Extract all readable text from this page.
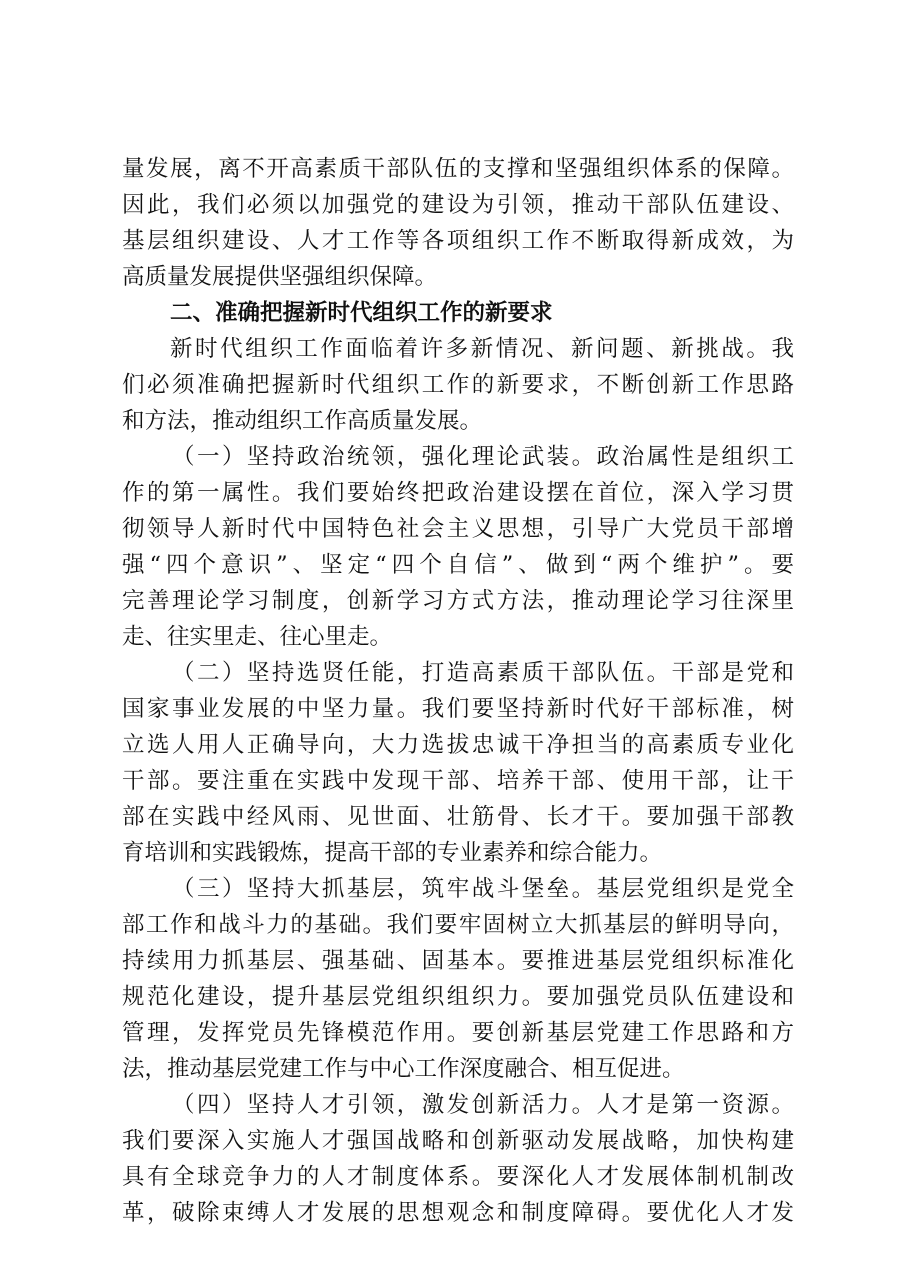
量发展，离不开高素质干部队伍的支撑和坚强组织体系的保障。
因此，我们必须以加强党的建设为引领，推动干部队伍建设、
基层组织建设、人才工作等各项组织工作不断取得新成效，为
高质量发展提供坚强组织保障。
二、准确把握新时代组织工作的新要求
新时代组织工作面临着许多新情况、新问题、新挑战。我
们必须准确把握新时代组织工作的新要求，不断创新工作思路
和方法，推动组织工作高质量发展。
（一）坚持政治统领，强化理论武装。政治属性是组织工
作的第一属性。我们要始终把政治建设摆在首位，深入学习贯
彻领导人新时代中国特色社会主义思想，引导广大党员干部增
强“四个意识”、坚定“四个自信”、做到“两个维护”。要
完善理论学习制度，创新学习方式方法，推动理论学习往深里
走、往实里走、往心里走。
（二）坚持选贤任能，打造高素质干部队伍。干部是党和
国家事业发展的中坚力量。我们要坚持新时代好干部标准，树
立选人用人正确导向，大力选拔忠诚干净担当的高素质专业化
干部。要注重在实践中发现干部、培养干部、使用干部，让干
部在实践中经风雨、见世面、壮筋骨、长才干。要加强干部教
育培训和实践锻炼，提高干部的专业素养和综合能力。
（三）坚持大抓基层，筑牢战斗堡垒。基层党组织是党全
部工作和战斗力的基础。我们要牢固树立大抓基层的鲜明导向，
持续用力抓基层、强基础、固基本。要推进基层党组织标准化
规范化建设，提升基层党组织组织力。要加强党员队伍建设和
管理，发挥党员先锋模范作用。要创新基层党建工作思路和方
法，推动基层党建工作与中心工作深度融合、相互促进。
（四）坚持人才引领，激发创新活力。人才是第一资源。
我们要深入实施人才强国战略和创新驱动发展战略，加快构建
具有全球竞争力的人才制度体系。要深化人才发展体制机制改
革，破除束缚人才发展的思想观念和制度障碍。要优化人才发
